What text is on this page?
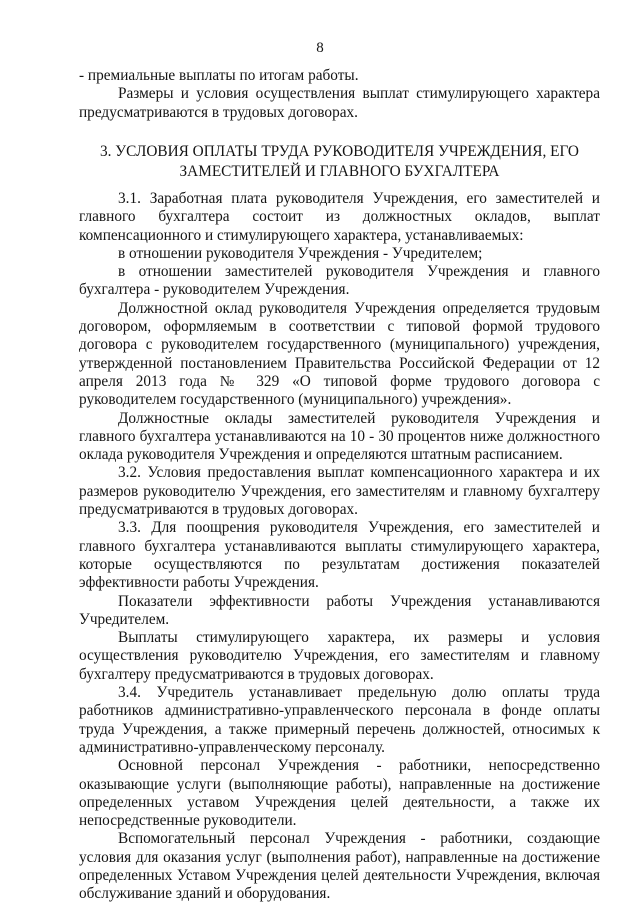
8

- премиальные выплаты по итогам работы.

Размеры и условия осуществления выплат стимулирующего характера предусматриваются в трудовых договорах.

3. УСЛОВИЯ ОПЛАТЫ ТРУДА РУКОВОДИТЕЛЯ УЧРЕЖДЕНИЯ, ЕГО
ЗАМЕСТИТЕЛЕЙ И ГЛАВНОГО БУХГАЛТЕРА

3.1. Заработная плата руководителя Учреждения, его заместителей и главного бухгалтера состоит из должностных окладов, выплат компенсационного и стимулирующего характера, устанавливаемых:

в отношении руководителя Учреждения - Учредителем;

в отношении заместителей руководителя Учреждения и главного бухгалтера - руководителем Учреждения.

Должностной оклад руководителя Учреждения определяется трудовым договором, оформляемым в соответствии с типовой формой трудового договора с руководителем государственного (муниципального) учреждения, утвержденной постановлением Правительства Российской Федерации от 12 апреля 2013 года № 329 «О типовой форме трудового договора с руководителем государственного (муниципального) учреждения».

Должностные оклады заместителей руководителя Учреждения и главного бухгалтера устанавливаются на 10 - 30 процентов ниже должностного оклада руководителя Учреждения и определяются штатным расписанием.

3.2. Условия предоставления выплат компенсационного характера и их размеров руководителю Учреждения, его заместителям и главному бухгалтеру предусматриваются в трудовых договорах.

3.3. Для поощрения руководителя Учреждения, его заместителей и главного бухгалтера устанавливаются выплаты стимулирующего характера, которые осуществляются по результатам достижения показателей эффективности работы Учреждения.

Показатели эффективности работы Учреждения устанавливаются Учредителем.

Выплаты стимулирующего характера, их размеры и условия осуществления руководителю Учреждения, его заместителям и главному бухгалтеру предусматриваются в трудовых договорах.

3.4. Учредитель устанавливает предельную долю оплаты труда работников административно-управленческого персонала в фонде оплаты труда Учреждения, а также примерный перечень должностей, относимых к административно-управленческому персоналу.

Основной персонал Учреждения - работники, непосредственно оказывающие услуги (выполняющие работы), направленные на достижение определенных уставом Учреждения целей деятельности, а также их непосредственные руководители.

Вспомогательный персонал Учреждения - работники, создающие условия для оказания услуг (выполнения работ), направленные на достижение определенных Уставом Учреждения целей деятельности Учреждения, включая обслуживание зданий и оборудования.
